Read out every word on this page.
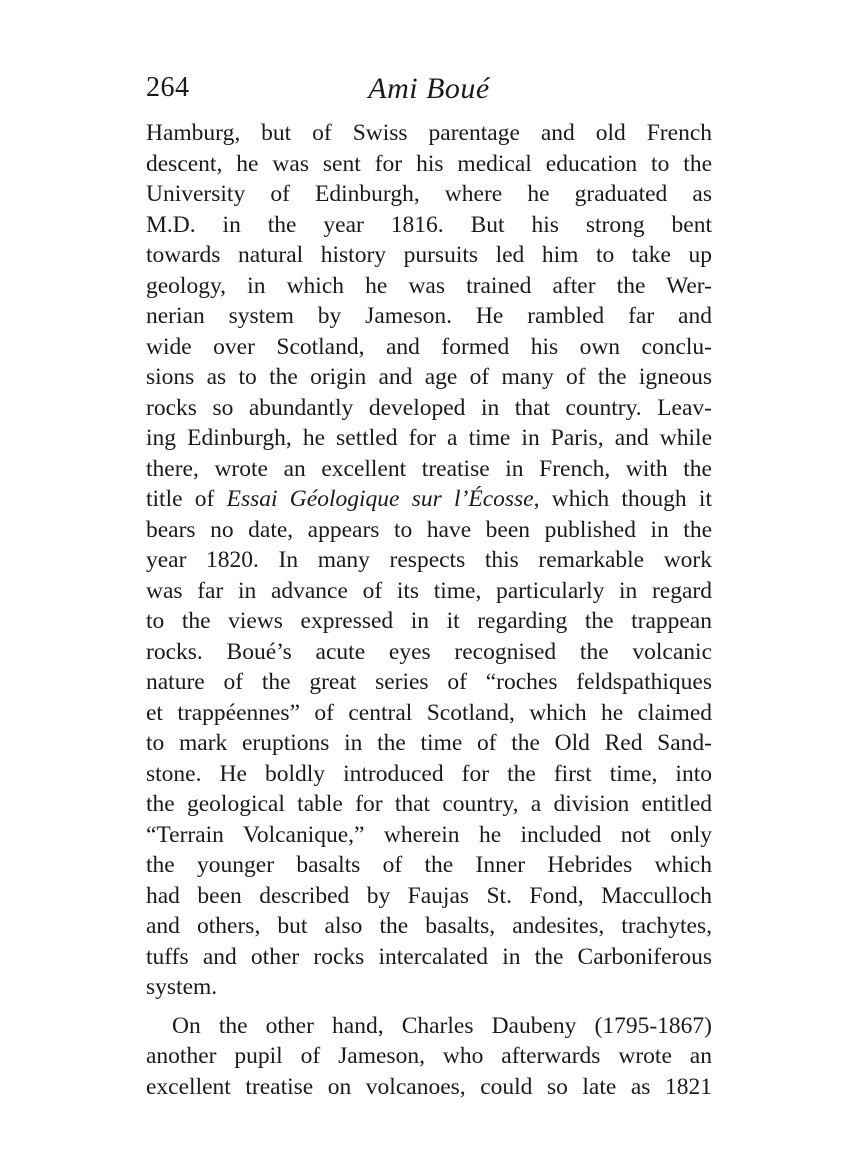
264	Ami Boué
Hamburg, but of Swiss parentage and old French
descent, he was sent for his medical education to the
University of Edinburgh, where he graduated as
M.D. in the year 1816. But his strong bent
towards natural history pursuits led him to take up
geology, in which he was trained after the Wer-
nerian system by Jameson. He rambled far and
wide over Scotland, and formed his own conclu-
sions as to the origin and age of many of the igneous
rocks so abundantly developed in that country. Leav-
ing Edinburgh, he settled for a time in Paris, and while
there, wrote an excellent treatise in French, with the
title of Essai Géologique sur l’Écosse, which though it
bears no date, appears to have been published in the
year 1820. In many respects this remarkable work
was far in advance of its time, particularly in regard
to the views expressed in it regarding the trappean
rocks. Boué’s acute eyes recognised the volcanic
nature of the great series of “roches feldspathiques
et trappéennes” of central Scotland, which he claimed
to mark eruptions in the time of the Old Red Sand-
stone. He boldly introduced for the first time, into
the geological table for that country, a division entitled
“Terrain Volcanique,” wherein he included not only
the younger basalts of the Inner Hebrides which
had been described by Faujas St. Fond, Macculloch
and others, but also the basalts, andesites, trachytes,
tuffs and other rocks intercalated in the Carboniferous
system.
On the other hand, Charles Daubeny (1795-1867)
another pupil of Jameson, who afterwards wrote an
excellent treatise on volcanoes, could so late as 1821
